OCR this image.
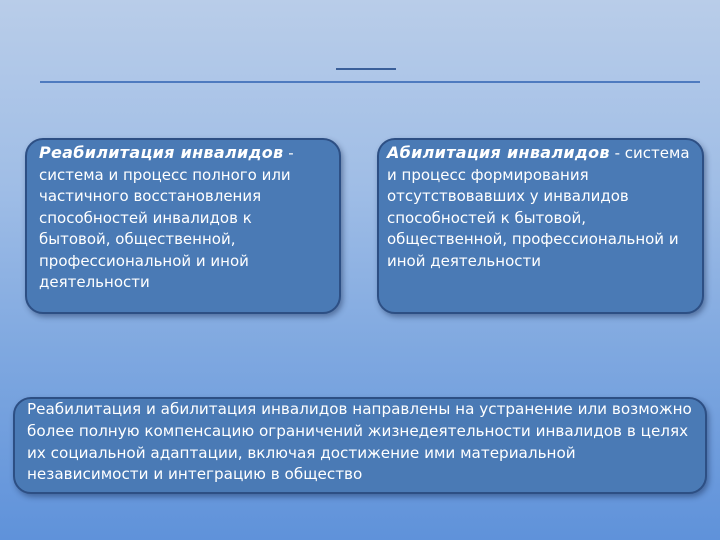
Реабилитация инвалидов - система и процесс полного или частичного восстановления способностей инвалидов к бытовой, общественной, профессиональной и иной деятельности
Абилитация инвалидов - система и процесс формирования отсутствовавших у инвалидов способностей к бытовой, общественной, профессиональной и иной деятельности
Реабилитация и абилитация инвалидов направлены на устранение или возможно более полную компенсацию ограничений жизнедеятельности инвалидов в целях их социальной адаптации, включая достижение ими материальной независимости и интеграцию в общество
